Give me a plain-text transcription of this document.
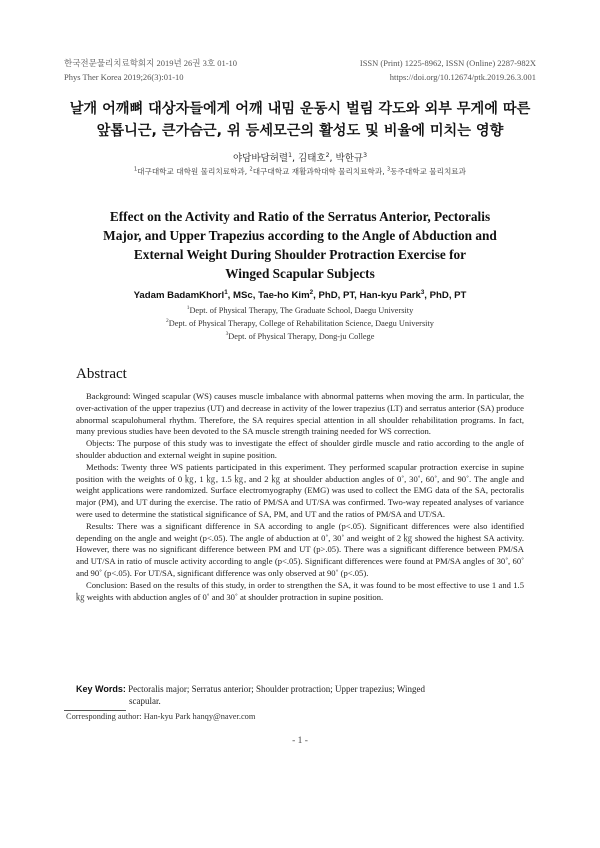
한국전문물리치료학회지 2019년 26권 3호 01-10
Phys Ther Korea 2019;26(3):01-10
ISSN (Print) 1225-8962, ISSN (Online) 2287-982X
https://doi.org/10.12674/ptk.2019.26.3.001
날개 어깨뼈 대상자들에게 어깨 내밈 운동시 벌림 각도와 외부 무게에 따른
앞톱니근, 큰가슴근, 위 등세모근의 활성도 및 비율에 미치는 영향
야담바담허렬$^1$, 김태호$^2$, 박한규$^3$
$^1$대구대학교 대학원 물리치료학과, $^2$대구대학교 재활과학대학 물리치료학과, $^3$동주대학교 물리치료과
Effect on the Activity and Ratio of the Serratus Anterior, Pectoralis
Major, and Upper Trapezius according to the Angle of Abduction and
External Weight During Shoulder Protraction Exercise for
Winged Scapular Subjects
Yadam BadamKhorl$^1$, MSc, Tae-ho Kim$^2$, PhD, PT, Han-kyu Park$^3$, PhD, PT
$^1$Dept. of Physical Therapy, The Graduate School, Daegu University
$^2$Dept. of Physical Therapy, College of Rehabilitation Science, Daegu University
$^3$Dept. of Physical Therapy, Dong-ju College
Abstract

Background: Winged scapular (WS) causes muscle imbalance with abnormal patterns when moving the arm. In particular, the over-activation of the upper trapezius (UT) and decrease in activity of the lower trapezius (LT) and serratus anterior (SA) produce abnormal scapulohumeral rhythm. Therefore, the SA requires special attention in all shoulder rehabilitation programs. In fact, many previous studies have been devoted to the SA muscle strength training needed for WS correction.

Objects: The purpose of this study was to investigate the effect of shoulder girdle muscle and ratio according to the angle of shoulder abduction and external weight in supine position.

Methods: Twenty three WS patients participated in this experiment. They performed scapular protraction exercise in supine position with the weights of 0 ㎏, 1 ㎏, 1.5 ㎏, and 2 ㎏ at shoulder abduction angles of 0˚, 30˚, 60˚, and 90˚. The angle and weight applications were randomized. Surface electromyography (EMG) was used to collect the EMG data of the SA, pectoralis major (PM), and UT during the exercise. The ratio of PM/SA and UT/SA was confirmed. Two-way repeated analyses of variance were used to determine the statistical significance of SA, PM, and UT and the ratios of PM/SA and UT/SA.

Results: There was a significant difference in SA according to angle (p<.05). Significant differences were also identified depending on the angle and weight (p<.05). The angle of abduction at 0˚, 30˚ and weight of 2 ㎏ showed the highest SA activity. However, there was no significant difference between PM and UT (p>.05). There was a significant difference between PM/SA and UT/SA in ratio of muscle activity according to angle (p<.05). Significant differences were found at PM/SA angles of 30˚, 60˚ and 90˚ (p<.05). For UT/SA, significant difference was only observed at 90˚ (p<.05).

Conclusion: Based on the results of this study, in order to strengthen the SA, it was found to be most effective to use 1 and 1.5 ㎏ weights with abduction angles of 0˚ and 30˚ at shoulder protraction in supine position.

Key Words: Pectoralis major; Serratus anterior; Shoulder protraction; Upper trapezius; Winged
scapular.
Corresponding author: Han-kyu Park hanqy@naver.com
- 1 -
